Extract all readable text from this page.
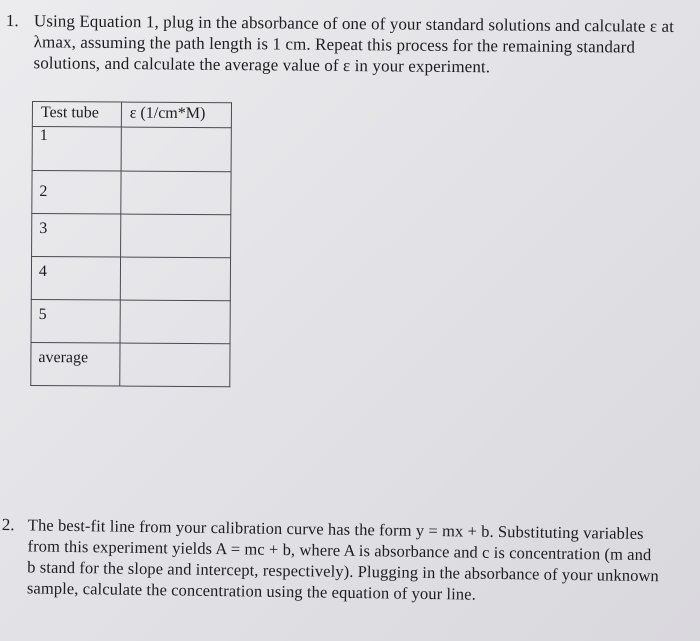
1. Using Equation 1, plug in the absorbance of one of your standard solutions and calculate ε at λmax, assuming the path length is 1 cm. Repeat this process for the remaining standard solutions, and calculate the average value of ε in your experiment.
Test tube	ε (1/cm*M)

1	

2	

3	

4	

5	

average	

2. The best-fit line from your calibration curve has the form y = mx + b. Substituting variables from this experiment yields A = mc + b, where A is absorbance and c is concentration (m and b stand for the slope and intercept, respectively). Plugging in the absorbance of your unknown sample, calculate the concentration using the equation of your line.
